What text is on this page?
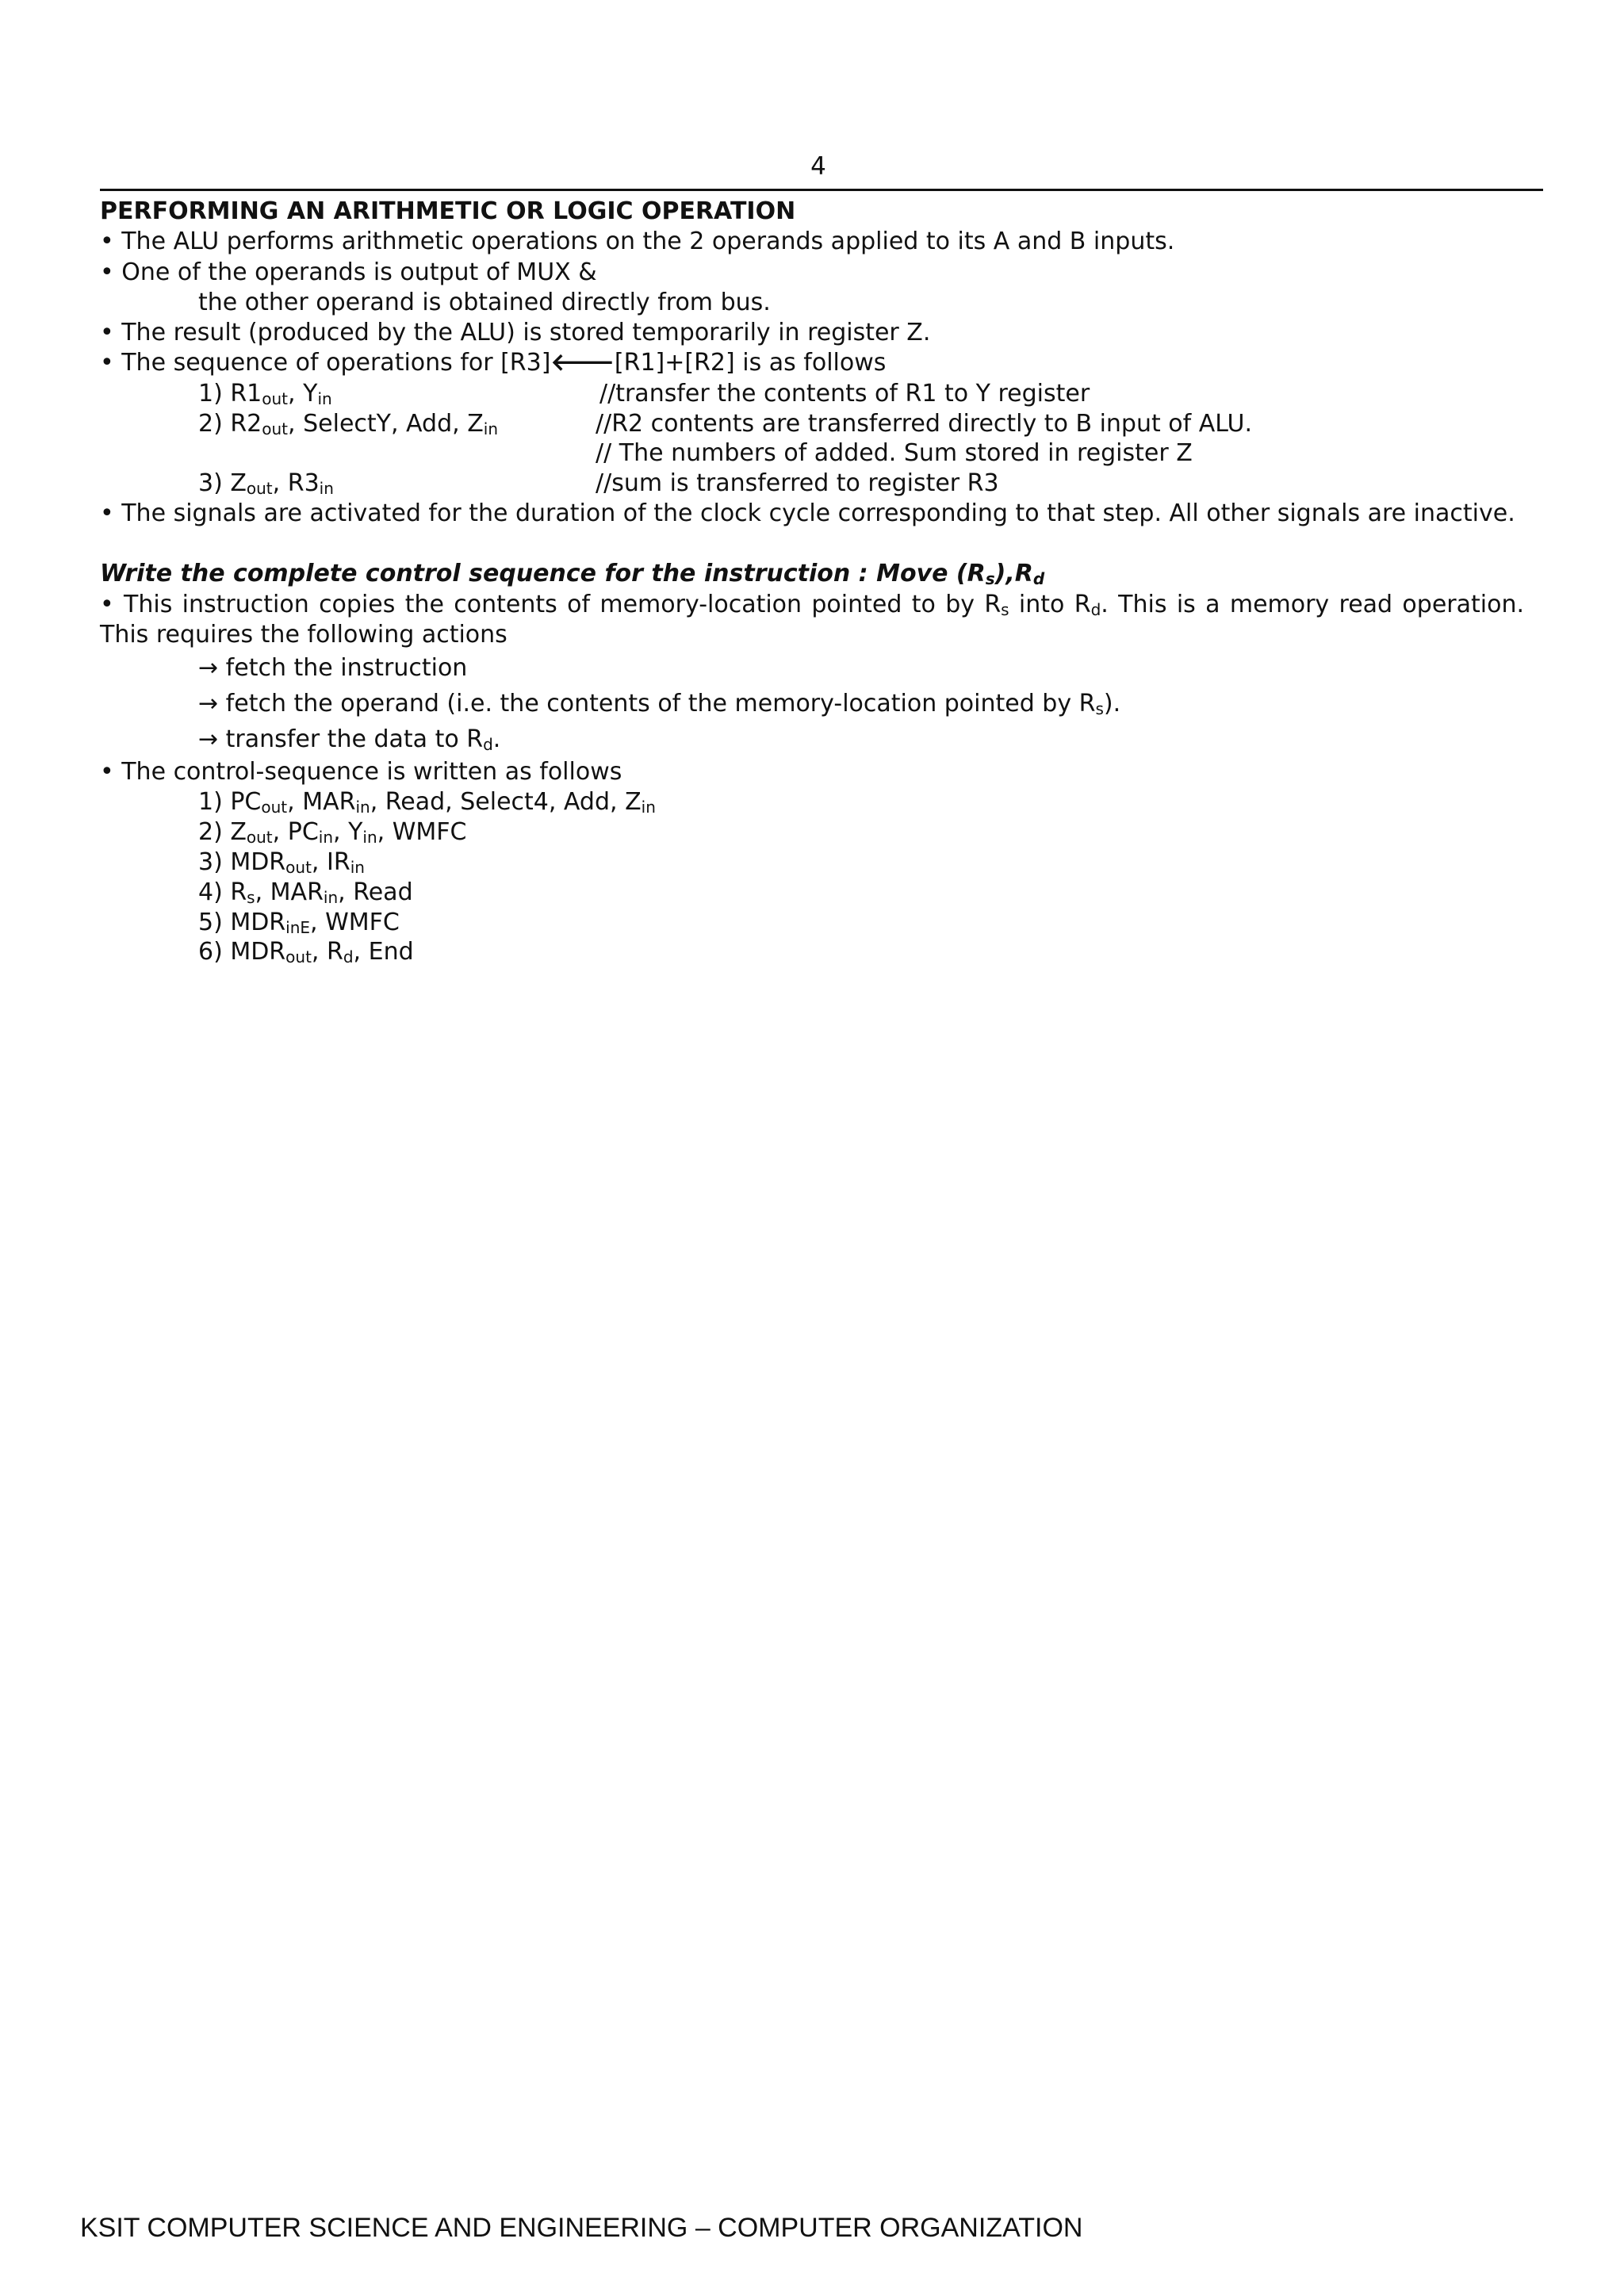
4
PERFORMING AN ARITHMETIC OR LOGIC OPERATION
• The ALU performs arithmetic operations on the 2 operands applied to its A and B inputs.
• One of the operands is output of MUX &
the other operand is obtained directly from bus.
• The result (produced by the ALU) is stored temporarily in register Z.
• The sequence of operations for [R3]🡐[R1]+[R2] is as follows
1) $R1_{out}$, $Y_{in}$	//transfer the contents of R1 to Y register
2) $R2_{out}$, SelectY, Add, $Z_{in}$	//R2 contents are transferred directly to B input of ALU.
// The numbers of added. Sum stored in register Z
3) $Z_{out}$, $R3_{in}$	//sum is transferred to register R3
• The signals are activated for the duration of the clock cycle corresponding to that step. All other signals are inactive.
Write the complete control sequence for the instruction : Move $(R_s),R_d$
• This instruction copies the contents of memory-location pointed to by $R_s$ into $R_d$. This is a memory read operation. This requires the following actions
→ fetch the instruction
→ fetch the operand (i.e. the contents of the memory-location pointed by $R_s$).
→ transfer the data to $R_d$.
• The control-sequence is written as follows
1) $PC_{out}$, $MAR_{in}$, Read, Select4, Add, $Z_{in}$
2) $Z_{out}$, $PC_{in}$, $Y_{in}$, WMFC
3) $MDR_{out}$, $IR_{in}$
4) $R_s$, $MAR_{in}$, Read
5) $MDR_{inE}$, WMFC
6) $MDR_{out}$, $R_d$, End
KSIT COMPUTER SCIENCE AND ENGINEERING – COMPUTER ORGANIZATION
